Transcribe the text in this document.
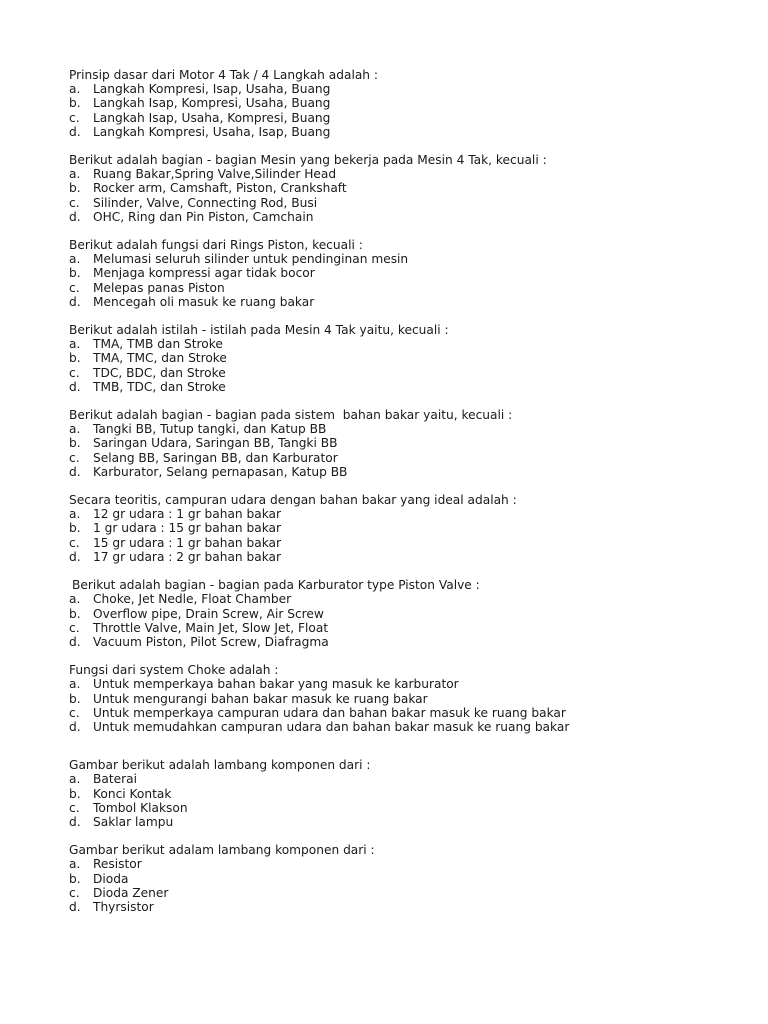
Prinsip dasar dari Motor 4 Tak / 4 Langkah adalah :

a.	Langkah Kompresi, Isap, Usaha, Buang
b.	Langkah Isap, Kompresi, Usaha, Buang
c.	Langkah Isap, Usaha, Kompresi, Buang
d.	Langkah Kompresi, Usaha, Isap, Buang

Berikut adalah bagian - bagian Mesin yang bekerja pada Mesin 4 Tak, kecuali :

a.	Ruang Bakar,Spring Valve,Silinder Head
b.	Rocker arm, Camshaft, Piston, Crankshaft
c.	Silinder, Valve, Connecting Rod, Busi
d.	OHC, Ring dan Pin Piston, Camchain

Berikut adalah fungsi dari Rings Piston, kecuali :

a.	Melumasi seluruh silinder untuk pendinginan mesin
b.	Menjaga kompressi agar tidak bocor
c.	Melepas panas Piston
d.	Mencegah oli masuk ke ruang bakar

Berikut adalah istilah - istilah pada Mesin 4 Tak yaitu, kecuali :

a.	TMA, TMB dan Stroke
b.	TMA, TMC, dan Stroke
c.	TDC, BDC, dan Stroke
d.	TMB, TDC, dan Stroke

Berikut adalah bagian - bagian pada sistem  bahan bakar yaitu, kecuali :

a.	Tangki BB, Tutup tangki, dan Katup BB
b.	Saringan Udara, Saringan BB, Tangki BB
c.	Selang BB, Saringan BB, dan Karburator
d.	Karburator, Selang pernapasan, Katup BB

Secara teoritis, campuran udara dengan bahan bakar yang ideal adalah :

a.	12 gr udara : 1 gr bahan bakar
b.	1 gr udara : 15 gr bahan bakar
c.	15 gr udara : 1 gr bahan bakar
d.	17 gr udara : 2 gr bahan bakar

Berikut adalah bagian - bagian pada Karburator type Piston Valve :

a.	Choke, Jet Nedle, Float Chamber
b.	Overflow pipe, Drain Screw, Air Screw
c.	Throttle Valve, Main Jet, Slow Jet, Float
d.	Vacuum Piston, Pilot Screw, Diafragma

Fungsi dari system Choke adalah :

a.	Untuk memperkaya bahan bakar yang masuk ke karburator
b.	Untuk mengurangi bahan bakar masuk ke ruang bakar
c.	Untuk memperkaya campuran udara dan bahan bakar masuk ke ruang bakar
d.	Untuk memudahkan campuran udara dan bahan bakar masuk ke ruang bakar

Gambar berikut adalah lambang komponen dari :

a.	Baterai
b.	Konci Kontak
c.	Tombol Klakson
d.	Saklar lampu

Gambar berikut adalam lambang komponen dari :

a.	Resistor
b.	Dioda
c.	Dioda Zener
d.	Thyrsistor
